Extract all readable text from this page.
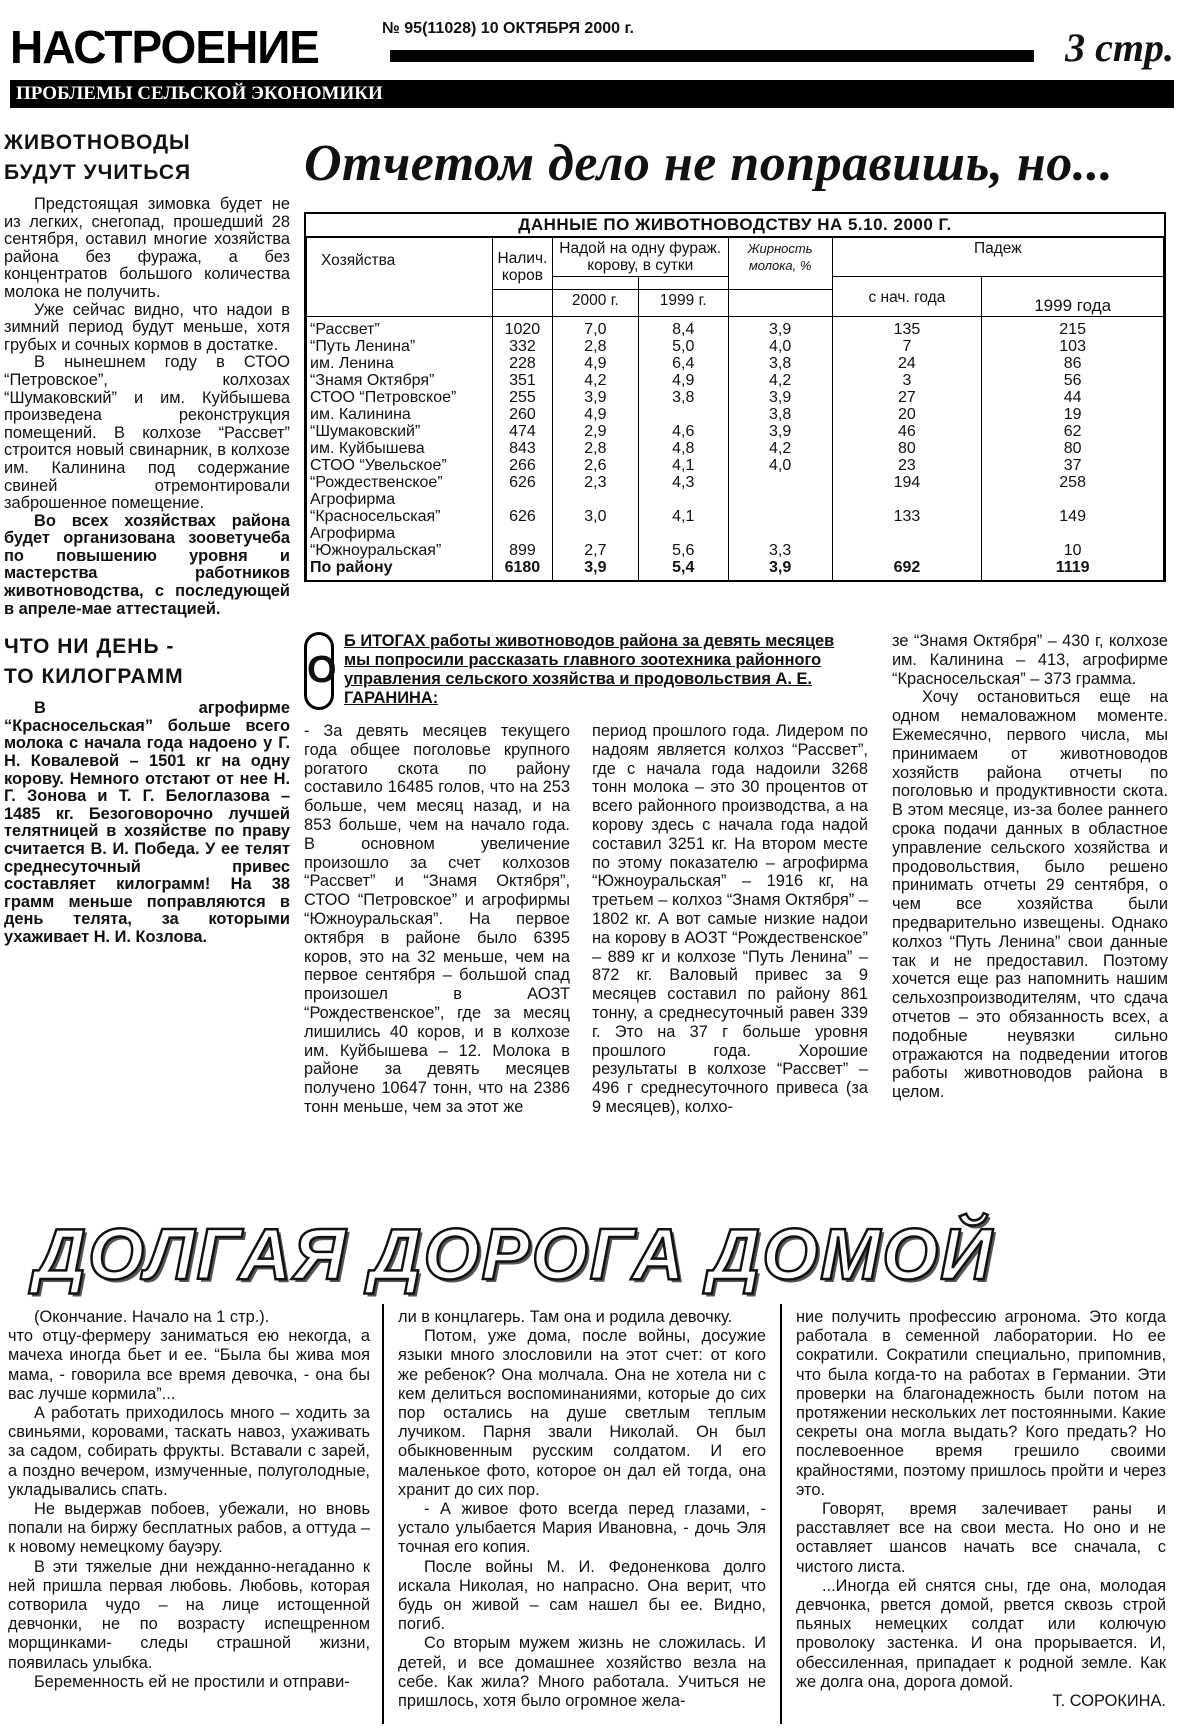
НАСТРОЕНИЕ	№ 95(11028) 10 ОКТЯБРЯ 2000 г.	3 стр.
ПРОБЛЕМЫ СЕЛЬСКОЙ ЭКОНОМИКИ
ЖИВОТНОВОДЫ
БУДУТ УЧИТЬСЯ

Предстоящая зимовка будет не из легких, снегопад, прошедший 28 сентября, оставил многие хозяйства района без фуража, а без концентратов большого количества молока не получить.

Уже сейчас видно, что надои в зимний период будут меньше, хотя грубых и сочных кормов в достатке.

В нынешнем году в СТОО “Петровское”, колхозах “Шумаковский” и им. Куйбышева произведена реконструкция помещений. В колхозе “Рассвет” строится новый свинарник, в колхозе им. Калинина под содержание свиней отремонтировали заброшенное помещение.

Во всех хозяйствах района будет организована зооветучеба по повышению уровня и мастерства работников животноводства, с последующей в апреле-мае аттестацией.

ЧТО НИ ДЕНЬ -
ТО КИЛОГРАММ

В агрофирме “Красносельская” больше всего молока с начала года надоено у Г. Н. Ковалевой – 1501 кг на одну корову. Немного отстают от нее Н. Г. Зонова и Т. Г. Белоглазова – 1485 кг. Безоговорочно лучшей телятницей в хозяйстве по праву считается В. И. Победа. У ее телят среднесуточный привес составляет килограмм! На 38 грамм меньше поправляются в день телята, за которыми ухаживает Н. И. Козлова.

Отчетом дело не поправишь, но...
ДАННЫЕ ПО ЖИВОТНОВОДСТВУ НА 5.10. 2000 Г.
Хозяйства	Налич. коров	Надой на одну фураж. корову, в сутки		Жирность молока, %	Падеж	
					с нач. года	1999 года
		2000 г.	1999 г.			
“Рассвет”	1020	7,0	8,4	3,9	135	215
“Путь Ленина”	332	2,8	5,0	4,0	7	103
им. Ленина	228	4,9	6,4	3,8	24	86
“Знамя Октября”	351	4,2	4,9	4,2	3	56
СТОО “Петровское”	255	3,9	3,8	3,9	27	44
им. Калинина	260	4,9		3,8	20	19
“Шумаковский”	474	2,9	4,6	3,9	46	62
им. Куйбышева	843	2,8	4,8	4,2	80	80
СТОО “Увельское”	266	2,6	4,1	4,0	23	37
“Рождественское”	626	2,3	4,3		194	258
Агрофирма						
“Красносельская”	626	3,0	4,1		133	149
Агрофирма						
“Южноуральская”	899	2,7	5,6	3,3		10
По району	6180	3,9	5,4	3,9	692	1119
О
Б ИТОГАХ работы животноводов района за девять месяцев мы попросили рассказать главного зоотехника районного управления сельского хозяйства и продовольствия А. Е. ГАРАНИНА:
- За девять месяцев текущего года общее поголовье крупного рогатого скота по району составило 16485 голов, что на 253 больше, чем месяц назад, и на 853 больше, чем на начало года. В основном увеличение произошло за счет колхозов “Рассвет” и “Знамя Октября”, СТОО “Петровское” и агрофирмы “Южноуральская”. На первое октября в районе было 6395 коров, это на 32 меньше, чем на первое сентября – большой спад произошел в АОЗТ “Рождественское”, где за месяц лишились 40 коров, и в колхозе им. Куйбышева – 12. Молока в районе за девять месяцев получено 10647 тонн, что на 2386 тонн меньше, чем за этот же
период прошлого года. Лидером по надоям является колхоз “Рассвет”, где с начала года надоили 3268 тонн молока – это 30 процентов от всего районного производства, а на корову здесь с начала года надой составил 3251 кг. На втором месте по этому показателю – агрофирма “Южноуральская” – 1916 кг, на третьем – колхоз “Знамя Октября” – 1802 кг. А вот самые низкие надои на корову в АОЗТ “Рождественское” – 889 кг и колхозе “Путь Ленина” – 872 кг. Валовый привес за 9 месяцев составил по району 861 тонну, а среднесуточный равен 339 г. Это на 37 г больше уровня прошлого года. Хорошие результаты в колхозе “Рассвет” – 496 г среднесуточного привеса (за 9 месяцев), колхо-
зе “Знамя Октября” – 430 г, колхозе им. Калинина – 413, агрофирме “Красносельская” – 373 грамма.
Хочу остановиться еще на одном немаловажном моменте. Ежемесячно, первого числа, мы принимаем от животноводов хозяйств района отчеты по поголовью и продуктивности скота. В этом месяце, из-за более раннего срока подачи данных в областное управление сельского хозяйства и продовольствия, было решено принимать отчеты 29 сентября, о чем все хозяйства были предварительно извещены. Однако колхоз “Путь Ленина” свои данные так и не предоставил. Поэтому хочется еще раз напомнить нашим сельхозпроизводителям, что сдача отчетов – это обязанность всех, а подобные неувязки сильно отражаются на подведении итогов работы животноводов района в целом.
ДОЛГАЯ ДОРОГА ДОМОЙ
(Окончание. Начало на 1 стр.).
что отцу-фермеру заниматься ею некогда, а мачеха иногда бьет и ее. “Была бы жива моя мама, - говорила все время девочка, - она бы вас лучше кормила”...

А работать приходилось много – ходить за свиньями, коровами, таскать навоз, ухаживать за садом, собирать фрукты. Вставали с зарей, а поздно вечером, измученные, полуголодные, укладывались спать.

Не выдержав побоев, убежали, но вновь попали на биржу бесплатных рабов, а оттуда – к новому немецкому бауэру.

В эти тяжелые дни нежданно-негаданно к ней пришла первая любовь. Любовь, которая сотворила чудо – на лице истощенной девчонки, не по возрасту испещренном морщинками- следы страшной жизни, появилась улыбка.

Беременность ей не простили и отправи-

ли в концлагерь. Там она и родила девочку.

Потом, уже дома, после войны, досужие языки много злословили на этот счет: от кого же ребенок? Она молчала. Она не хотела ни с кем делиться воспоминаниями, которые до сих пор остались на душе светлым теплым лучиком. Парня звали Николай. Он был обыкновенным русским солдатом. И его маленькое фото, которое он дал ей тогда, она хранит до сих пор.

- А живое фото всегда перед глазами, - устало улыбается Мария Ивановна, - дочь Эля точная его копия.

После войны М. И. Федоненкова долго искала Николая, но напрасно. Она верит, что будь он живой – сам нашел бы ее. Видно, погиб.

Со вторым мужем жизнь не сложилась. И детей, и все домашнее хозяйство везла на себе. Как жила? Много работала. Учиться не пришлось, хотя было огромное жела-

ние получить профессию агронома. Это когда работала в семенной лаборатории. Но ее сократили. Сократили специально, припомнив, что была когда-то на работах в Германии. Эти проверки на благонадежность были потом на протяжении нескольких лет постоянными. Какие секреты она могла выдать? Кого предать? Но послевоенное время грешило своими крайностями, поэтому пришлось пройти и через это.

Говорят, время залечивает раны и расставляет все на свои места. Но оно и не оставляет шансов начать все сначала, с чистого листа.

...Иногда ей снятся сны, где она, молодая девчонка, рвется домой, рвется сквозь строй пьяных немецких солдат или колючую проволоку застенка. И она прорывается. И, обессиленная, припадает к родной земле. Как же долга она, дорога домой.

Т. СОРОКИНА.
